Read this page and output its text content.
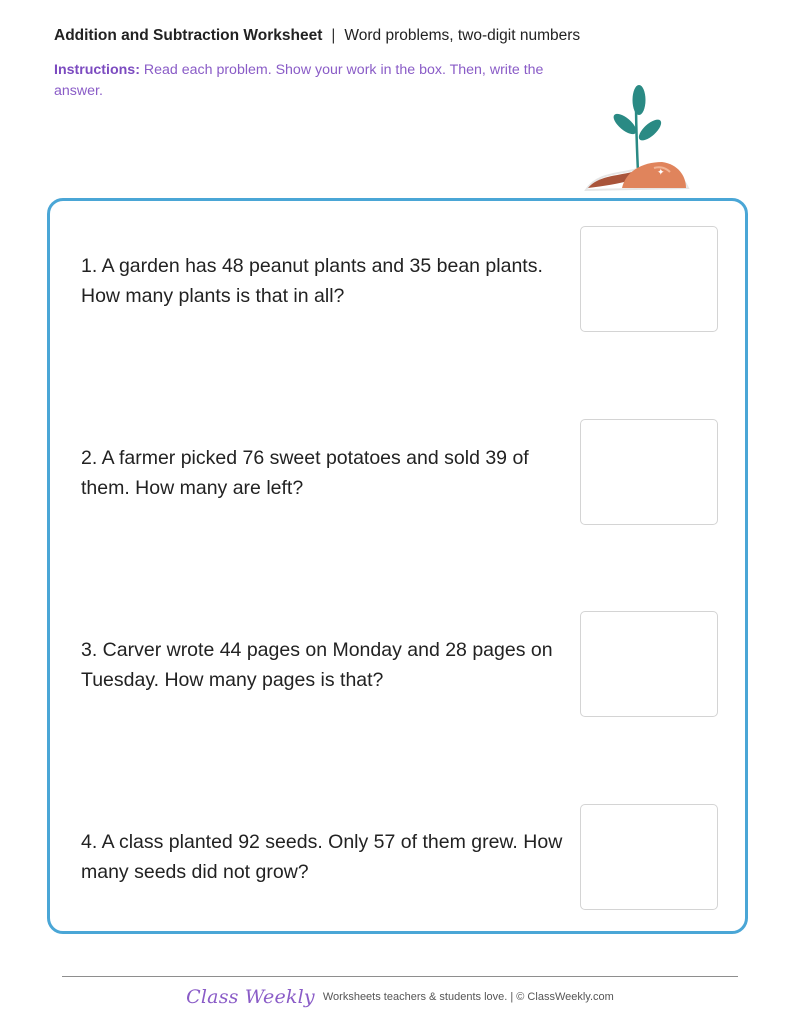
Addition and Subtraction Worksheet | Word problems, two-digit numbers
Instructions: Read each problem. Show your work in the box. Then, write the answer.
✦
1. A garden has 48 peanut plants and 35 bean plants. How many plants is that in all?
2. A farmer picked 76 sweet potatoes and sold 39 of them. How many are left?
3. Carver wrote 44 pages on Monday and 28 pages on Tuesday. How many pages is that?
4. A class planted 92 seeds. Only 57 of them grew. How many seeds did not grow?
Class Weekly Worksheets teachers & students love. | © ClassWeekly.com
